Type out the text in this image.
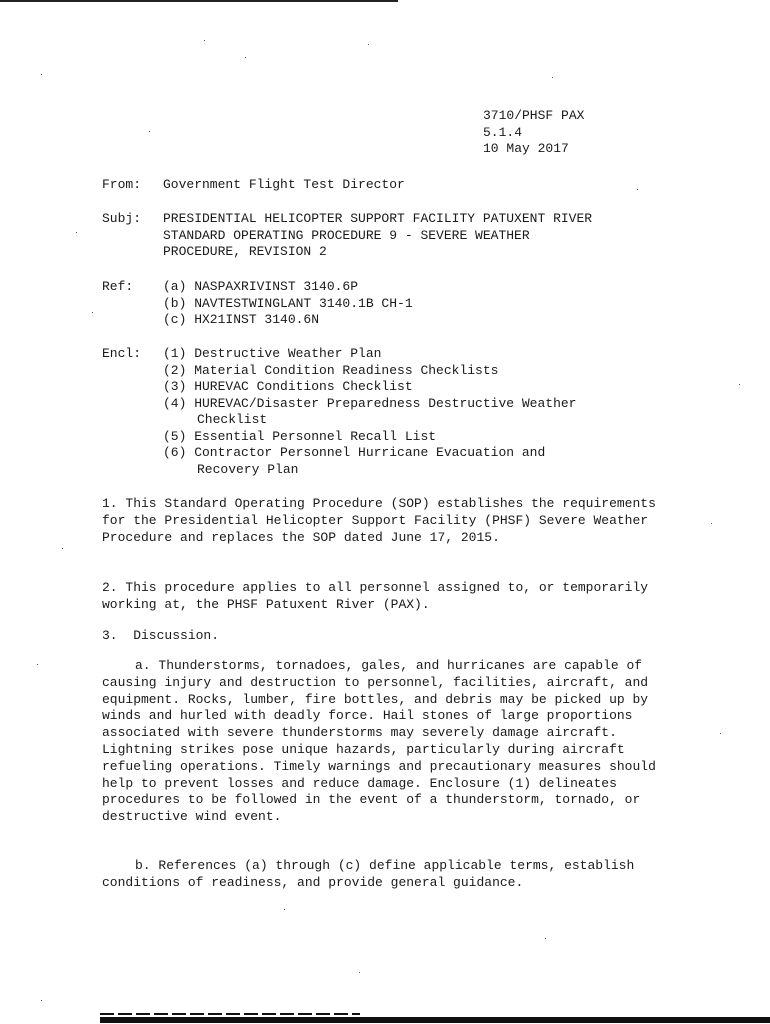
3710/PHSF PAX
5.1.4
10 May 2017
From: Government Flight Test Director
Subj: PRESIDENTIAL HELICOPTER SUPPORT FACILITY PATUXENT RIVER
STANDARD OPERATING PROCEDURE 9 - SEVERE WEATHER
PROCEDURE, REVISION 2
Ref: (a) NASPAXRIVINST 3140.6P
(b) NAVTESTWINGLANT 3140.1B CH-1
(c) HX21INST 3140.6N
Encl: (1) Destructive Weather Plan
(2) Material Condition Readiness Checklists
(3) HUREVAC Conditions Checklist
(4) HUREVAC/Disaster Preparedness Destructive Weather
Checklist
(5) Essential Personnel Recall List
(6) Contractor Personnel Hurricane Evacuation and
Recovery Plan
1. This Standard Operating Procedure (SOP) establishes the requirements for the Presidential Helicopter Support Facility (PHSF) Severe Weather Procedure and replaces the SOP dated June 17, 2015.
2. This procedure applies to all personnel assigned to, or temporarily working at, the PHSF Patuxent River (PAX).
3.  Discussion.
a. Thunderstorms, tornadoes, gales, and hurricanes are capable of causing injury and destruction to personnel, facilities, aircraft, and equipment. Rocks, lumber, fire bottles, and debris may be picked up by winds and hurled with deadly force. Hail stones of large proportions associated with severe thunderstorms may severely damage aircraft. Lightning strikes pose unique hazards, particularly during aircraft refueling operations. Timely warnings and precautionary measures should help to prevent losses and reduce damage. Enclosure (1) delineates procedures to be followed in the event of a thunderstorm, tornado, or destructive wind event.
b. References (a) through (c) define applicable terms, establish conditions of readiness, and provide general guidance.
